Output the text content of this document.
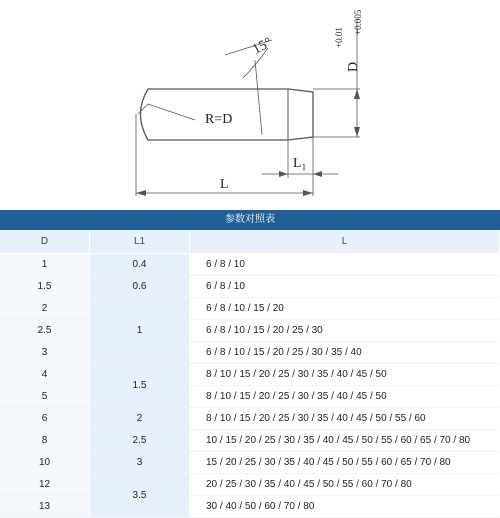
R=D
15°
D
+0.01
+0.005
$L_1$
L
参数对照表
D	L1	L
1	0.4	6 / 8 / 10
1.5	0.6	6 / 8 / 10
2	1	6 / 8 / 10 / 15 / 20
2.5		6 / 8 / 10 / 15 / 20 / 25 / 30
3		6 / 8 / 10 / 15 / 20 / 25 / 30 / 35 / 40
4	1.5	8 / 10 / 15 / 20 / 25 / 30 / 35 / 40 / 45 / 50
5		8 / 10 / 15 / 20 / 25 / 30 / 35 / 40 / 45 / 50
6	2	8 / 10 / 15 / 20 / 25 / 30 / 35 / 40 / 45 / 50 / 55 / 60
8	2.5	10 / 15 / 20 / 25 / 30 / 35 / 40 / 45 / 50 / 55 / 60 / 65 / 70 / 80
10	3	15 / 20 / 25 / 30 / 35 / 40 / 45 / 50 / 55 / 60 / 65 / 70 / 80
12	3.5	20 / 25 / 30 / 35 / 40 / 45 / 50 / 55 / 60 / 70 / 80
13		30 / 40 / 50 / 60 / 70 / 80
